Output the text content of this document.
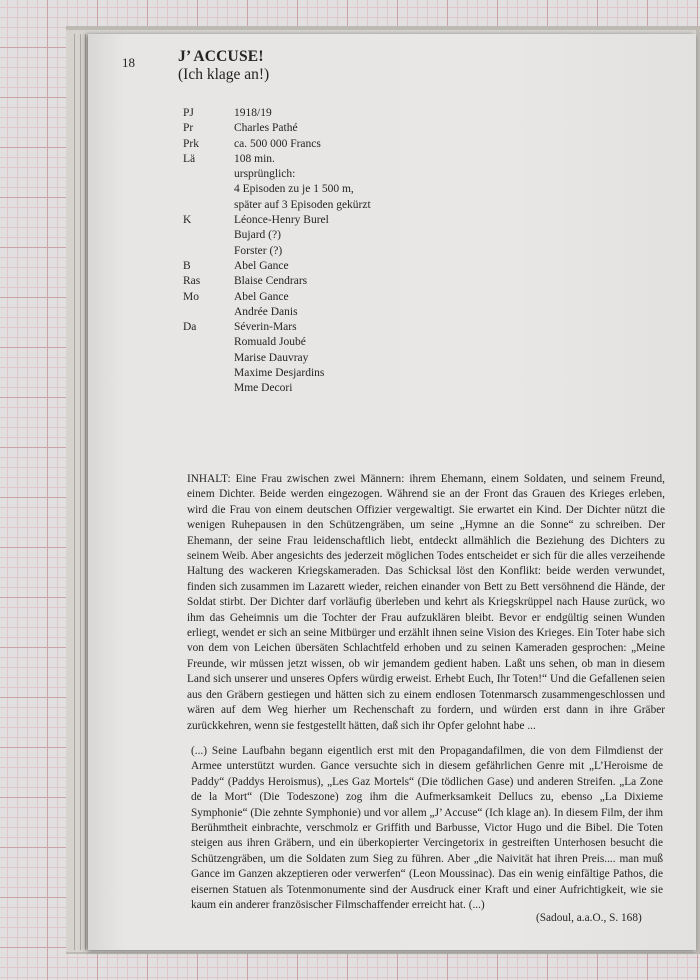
18	J’ ACCUSE!
(Ich klage an!)
PJ	1918/19
Pr	Charles Pathé
Prk	ca. 500 000 Francs
Lä	108 min.
ursprünglich:
4 Episoden zu je 1 500 m,
später auf 3 Episoden gekürzt
K	Léonce-Henry Burel
Bujard (?)
Forster (?)
B	Abel Gance
Ras	Blaise Cendrars
Mo	Abel Gance
Andrée Danis
Da	Séverin-Mars
Romuald Joubé
Marise Dauvray
Maxime Desjardins
Mme Decori
INHALT: Eine Frau zwischen zwei Männern: ihrem Ehemann, einem Soldaten, und seinem Freund, einem Dichter. Beide werden eingezogen. Während sie an der Front das Grauen des Krieges erleben, wird die Frau von einem deutschen Offizier vergewaltigt. Sie erwartet ein Kind. Der Dichter nützt die wenigen Ruhepausen in den Schützengräben, um seine „Hymne an die Sonne“ zu schreiben. Der Ehemann, der seine Frau leidenschaftlich liebt, entdeckt allmählich die Beziehung des Dichters zu seinem Weib. Aber angesichts des jederzeit möglichen Todes entscheidet er sich für die alles verzeihende Haltung des wackeren Kriegskameraden. Das Schicksal löst den Konflikt: beide werden verwundet, finden sich zusammen im Lazarett wieder, reichen einander von Bett zu Bett versöhnend die Hände, der Soldat stirbt. Der Dichter darf vorläufig überleben und kehrt als Kriegskrüppel nach Hause zurück, wo ihm das Geheimnis um die Tochter der Frau aufzuklären bleibt. Bevor er endgültig seinen Wunden erliegt, wendet er sich an seine Mitbürger und erzählt ihnen seine Vision des Krieges. Ein Toter habe sich von dem von Leichen übersäten Schlachtfeld erhoben und zu seinen Kameraden gesprochen: „Meine Freunde, wir müssen jetzt wissen, ob wir jemandem gedient haben. Laßt uns sehen, ob man in diesem Land sich unserer und unseres Opfers würdig erweist. Erhebt Euch, Ihr Toten!“ Und die Gefallenen seien aus den Gräbern gestiegen und hätten sich zu einem endlosen Totenmarsch zusammengeschlossen und wären auf dem Weg hierher um Rechenschaft zu fordern, und würden erst dann in ihre Gräber zurückkehren, wenn sie festgestellt hätten, daß sich ihr Opfer gelohnt habe ...
(...) Seine Laufbahn begann eigentlich erst mit den Propagandafilmen, die von dem Filmdienst der Armee unterstützt wurden. Gance versuchte sich in diesem gefährlichen Genre mit „L’Heroisme de Paddy“ (Paddys Heroismus), „Les Gaz Mortels“ (Die tödlichen Gase) und anderen Streifen. „La Zone de la Mort“ (Die Todeszone) zog ihm die Aufmerksamkeit Dellucs zu, ebenso „La Dixieme Symphonie“ (Die zehnte Symphonie) und vor allem „J’ Accuse“ (Ich klage an). In diesem Film, der ihm Berühmtheit einbrachte, verschmolz er Griffith und Barbusse, Victor Hugo und die Bibel. Die Toten steigen aus ihren Gräbern, und ein überkopierter Vercingetorix in gestreiften Unterhosen besucht die Schützengräben, um die Soldaten zum Sieg zu führen. Aber „die Naivität hat ihren Preis.... man muß Gance im Ganzen akzeptieren oder verwerfen“ (Leon Moussinac). Das ein wenig einfältige Pathos, die eisernen Statuen als Totenmonumente sind der Ausdruck einer Kraft und einer Aufrichtigkeit, wie sie kaum ein anderer französischer Filmschaffender erreicht hat. (...)
(Sadoul, a.a.O., S. 168)
